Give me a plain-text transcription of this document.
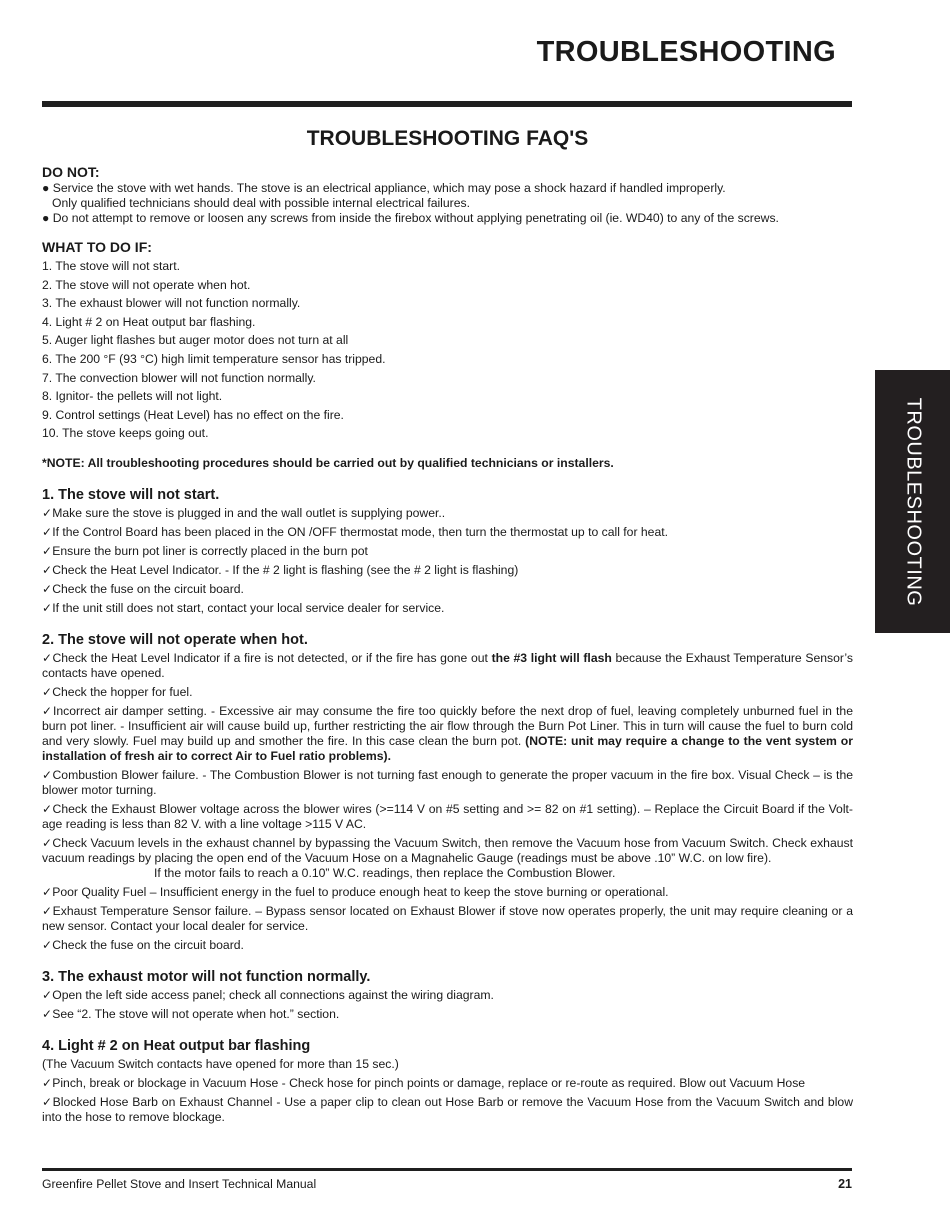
TROUBLESHOOTING
TROUBLESHOOTING
TROUBLESHOOTING FAQ'S

DO NOT:

● Service the stove with wet hands. The stove is an electrical appliance, which may pose a shock hazard if handled improperly.

Only qualified technicians should deal with possible internal electrical failures.

● Do not attempt to remove or loosen any screws from inside the firebox without applying penetrating oil (ie. WD40) to any of the screws.

WHAT TO DO IF:

1. The stove will not start.
2. The stove will not operate when hot.
3. The exhaust blower will not function normally.
4. Light # 2 on Heat output bar flashing.
5. Auger light flashes but auger motor does not turn at all
6. The 200 °F (93 °C) high limit temperature sensor has tripped.
7. The convection blower will not function normally.
8. Ignitor- the pellets will not light.
9. Control settings (Heat Level) has no effect on the fire.
10. The stove keeps going out.

*NOTE: All troubleshooting procedures should be carried out by qualified technicians or installers.

1. The stove will not start.

✓Make sure the stove is plugged in and the wall outlet is supplying power..

✓If the Control Board has been placed in the ON /OFF thermostat mode, then turn the thermostat up to call for heat.

✓Ensure the burn pot liner is correctly placed in the burn pot

✓Check the Heat Level Indicator. - If the # 2 light is flashing (see the # 2 light is flashing)

✓Check the fuse on the circuit board.

✓If the unit still does not start, contact your local service dealer for service.

2. The stove will not operate when hot.

✓Check the Heat Level Indicator if a fire is not detected, or if the fire has gone out the #3 light will flash because the Exhaust Temperature Sensor’s contacts have opened.

✓Check the hopper for fuel.

✓Incorrect air damper setting. - Excessive air may consume the fire too quickly before the next drop of fuel, leaving completely unburned fuel in the burn pot liner. - Insufficient air will cause build up, further restricting the air flow through the Burn Pot Liner. This in turn will cause the fuel to burn cold and very slowly. Fuel may build up and smother the fire. In this case clean the burn pot. (NOTE: unit may require a change to the vent system or installation of fresh air to correct Air to Fuel ratio problems).

✓Combustion Blower failure. - The Combustion Blower is not turning fast enough to generate the proper vacuum in the fire box. Visual Check – is the blower motor turning.

✓Check the Exhaust Blower voltage across the blower wires (>=114 V on #5 setting and >= 82 on #1 setting). – Replace the Circuit Board if the Volt-age reading is less than 82 V. with a line voltage >115 V AC.

✓Check Vacuum levels in the exhaust channel by bypassing the Vacuum Switch, then remove the Vacuum hose from Vacuum Switch. Check exhaust vacuum readings by placing the open end of the Vacuum Hose on a Magnahelic Gauge (readings must be above .10” W.C. on low fire).

If the motor fails to reach a 0.10” W.C. readings, then replace the Combustion Blower.

✓Poor Quality Fuel – Insufficient energy in the fuel to produce enough heat to keep the stove burning or operational.

✓Exhaust Temperature Sensor failure. – Bypass sensor located on Exhaust Blower if stove now operates properly, the unit may require cleaning or a new sensor. Contact your local dealer for service.

✓Check the fuse on the circuit board.

3. The exhaust motor will not function normally.

✓Open the left side access panel; check all connections against the wiring diagram.

✓See “2. The stove will not operate when hot.” section.

4. Light # 2 on Heat output bar flashing

(The Vacuum Switch contacts have opened for more than 15 sec.)

✓Pinch, break or blockage in Vacuum Hose - Check hose for pinch points or damage, replace or re-route as required. Blow out Vacuum Hose

✓Blocked Hose Barb on Exhaust Channel - Use a paper clip to clean out Hose Barb or remove the Vacuum Hose from the Vacuum Switch and blow into the hose to remove blockage.

Greenfire Pellet Stove and Insert Technical Manual	21
